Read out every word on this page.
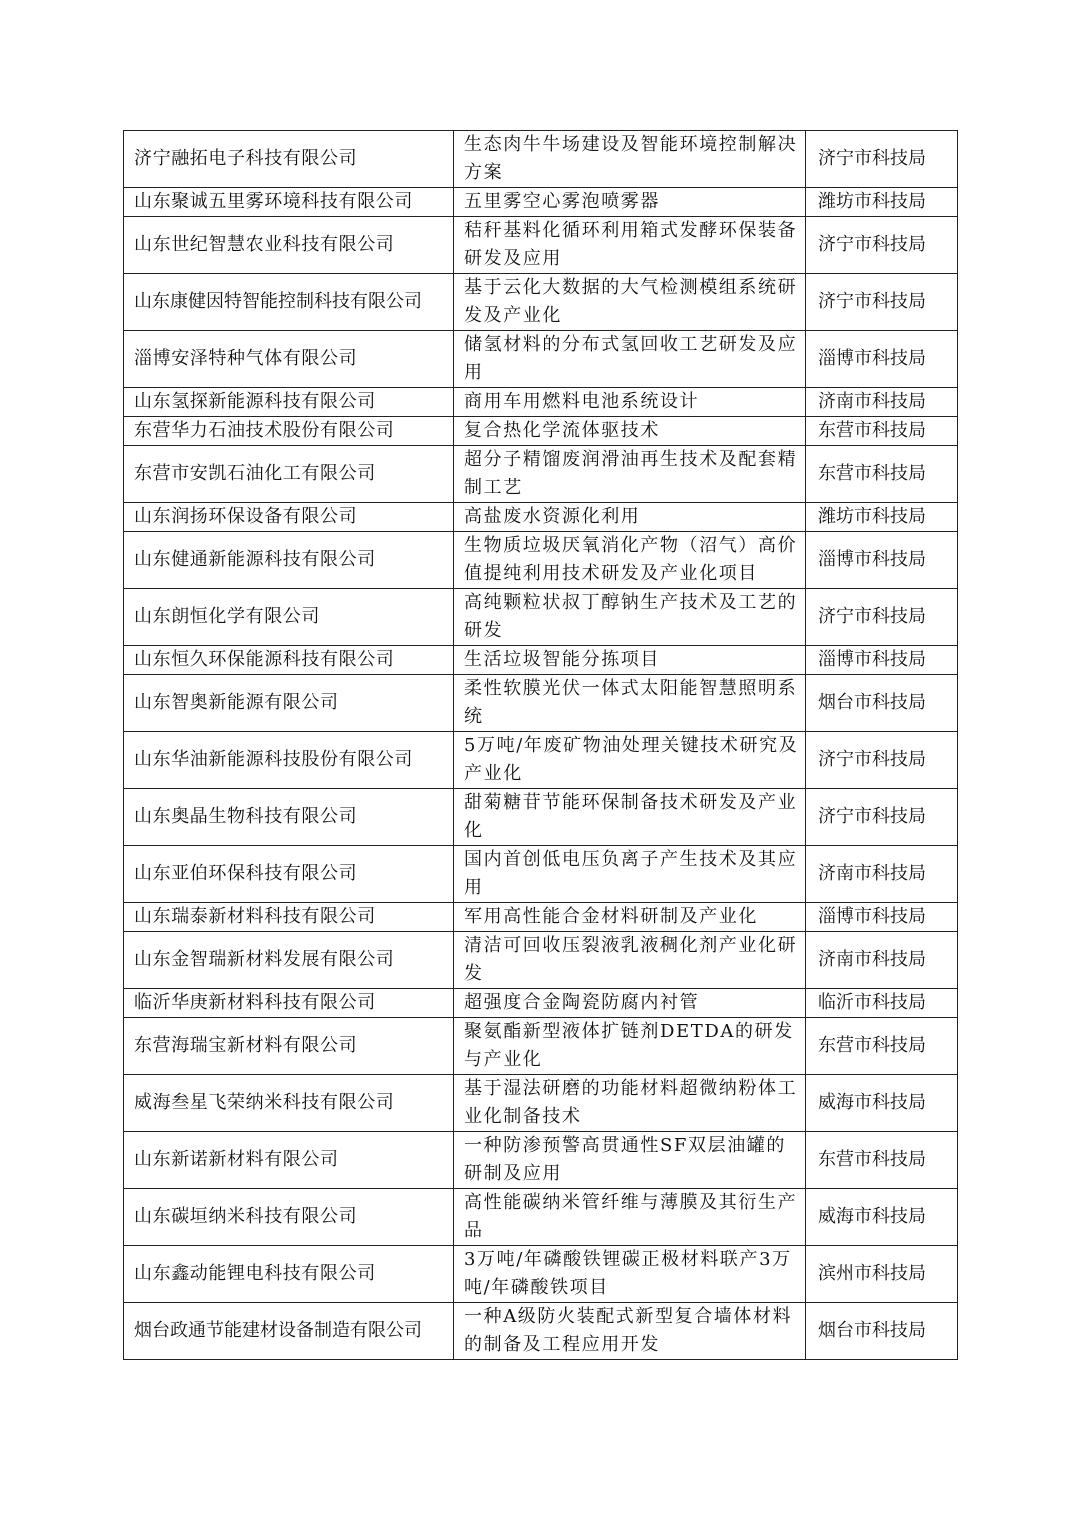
济宁融拓电子科技有限公司	生态肉牛牛场建设及智能环境控制解决方案	济宁市科技局
山东聚诚五里雾环境科技有限公司	五里雾空心雾泡喷雾器	潍坊市科技局
山东世纪智慧农业科技有限公司	秸秆基料化循环利用箱式发酵环保装备研发及应用	济宁市科技局
山东康健因特智能控制科技有限公司	基于云化大数据的大气检测模组系统研发及产业化	济宁市科技局
淄博安泽特种气体有限公司	储氢材料的分布式氢回收工艺研发及应用	淄博市科技局
山东氢探新能源科技有限公司	商用车用燃料电池系统设计	济南市科技局
东营华力石油技术股份有限公司	复合热化学流体驱技术	东营市科技局
东营市安凯石油化工有限公司	超分子精馏废润滑油再生技术及配套精制工艺	东营市科技局
山东润扬环保设备有限公司	高盐废水资源化利用	潍坊市科技局
山东健通新能源科技有限公司	生物质垃圾厌氧消化产物（沼气）高价值提纯利用技术研发及产业化项目	淄博市科技局
山东朗恒化学有限公司	高纯颗粒状叔丁醇钠生产技术及工艺的研发	济宁市科技局
山东恒久环保能源科技有限公司	生活垃圾智能分拣项目	淄博市科技局
山东智奥新能源有限公司	柔性软膜光伏一体式太阳能智慧照明系统	烟台市科技局
山东华油新能源科技股份有限公司	5万吨/年废矿物油处理关键技术研究及产业化	济宁市科技局
山东奥晶生物科技有限公司	甜菊糖苷节能环保制备技术研发及产业化	济宁市科技局
山东亚伯环保科技有限公司	国内首创低电压负离子产生技术及其应用	济南市科技局
山东瑞泰新材料科技有限公司	军用高性能合金材料研制及产业化	淄博市科技局
山东金智瑞新材料发展有限公司	清洁可回收压裂液乳液稠化剂产业化研发	济南市科技局
临沂华庚新材料科技有限公司	超强度合金陶瓷防腐内衬管	临沂市科技局
东营海瑞宝新材料有限公司	聚氨酯新型液体扩链剂DETDA的研发与产业化	东营市科技局
威海叁星飞荣纳米科技有限公司	基于湿法研磨的功能材料超微纳粉体工业化制备技术	威海市科技局
山东新诺新材料有限公司	一种防渗预警高贯通性SF双层油罐的研制及应用	东营市科技局
山东碳垣纳米科技有限公司	高性能碳纳米管纤维与薄膜及其衍生产品	威海市科技局
山东鑫动能锂电科技有限公司	3万吨/年磷酸铁锂碳正极材料联产3万吨/年磷酸铁项目	滨州市科技局
烟台政通节能建材设备制造有限公司	一种A级防火装配式新型复合墙体材料的制备及工程应用开发	烟台市科技局
